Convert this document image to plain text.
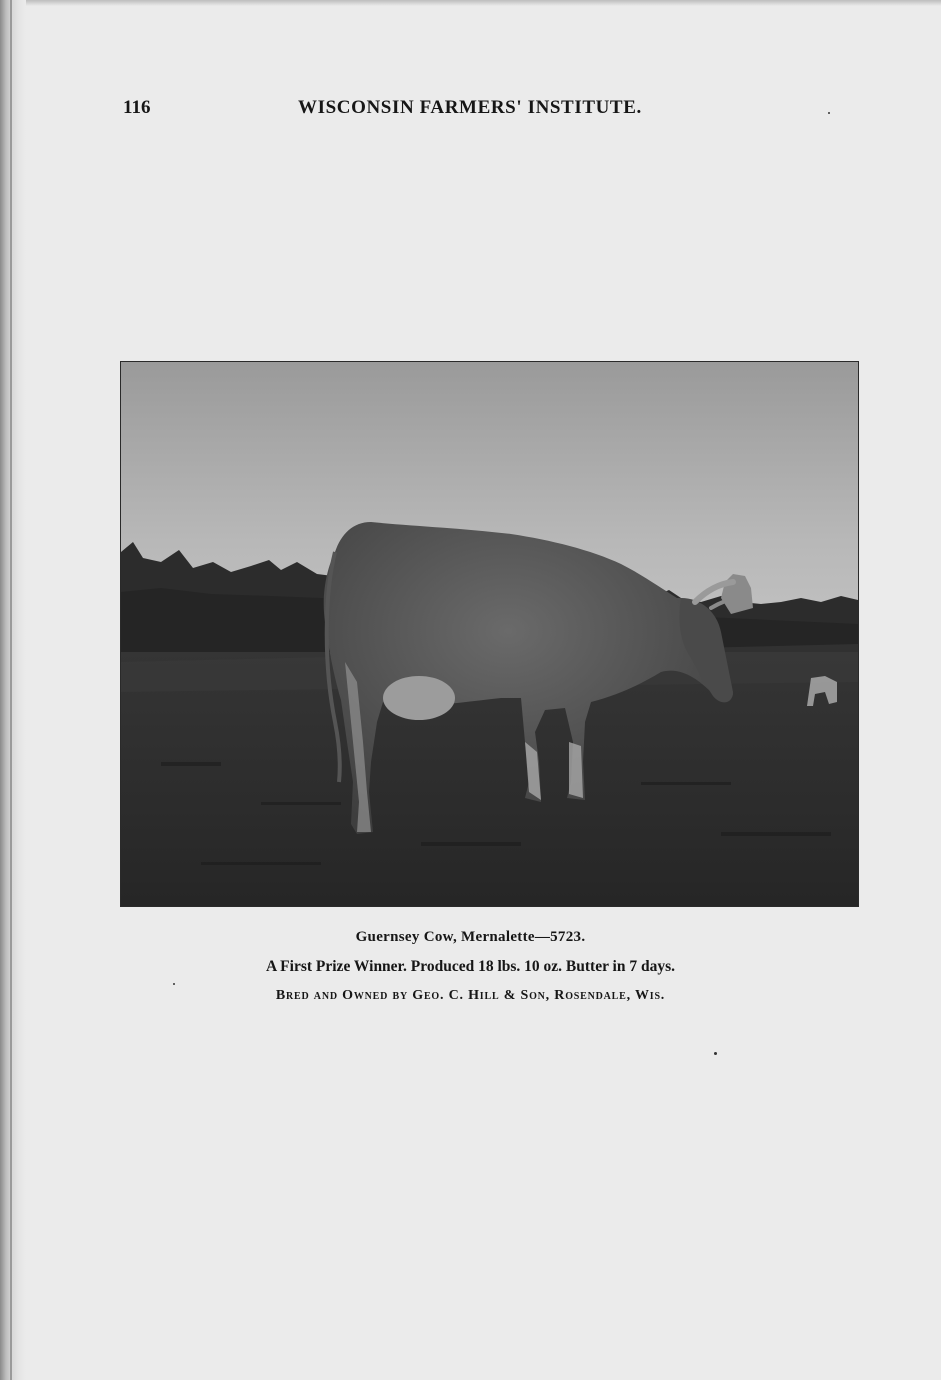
116	WISCONSIN FARMERS' INSTITUTE.
Guernsey Cow, Mernalette—5723.
A First Prize Winner. Produced 18 lbs. 10 oz. Butter in 7 days.
Bred and Owned by Geo. C. Hill & Son, Rosendale, Wis.
